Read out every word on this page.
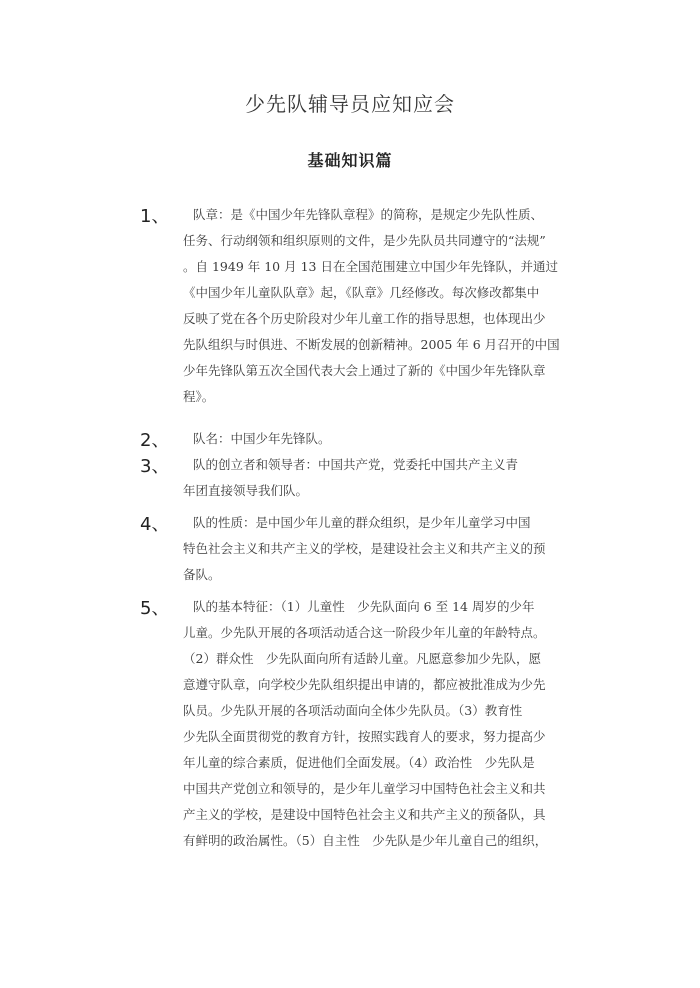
少先队辅导员应知应会
基础知识篇
1、	队章：是《中国少年先锋队章程》的简称，是规定少先队性质、
任务、行动纲领和组织原则的文件，是少先队员共同遵守的“法规”
。自 1949 年 10 月 13 日在全国范围建立中国少年先锋队，并通过
《中国少年儿童队队章》起，《队章》几经修改。每次修改都集中
反映了党在各个历史阶段对少年儿童工作的指导思想，也体现出少
先队组织与时俱进、不断发展的创新精神。2005 年 6 月召开的中国
少年先锋队第五次全国代表大会上通过了新的《中国少年先锋队章
程》。
2、	队名：中国少年先锋队。
3、	队的创立者和领导者：中国共产党，党委托中国共产主义青
年团直接领导我们队。
4、	队的性质：是中国少年儿童的群众组织，是少年儿童学习中国
特色社会主义和共产主义的学校，是建设社会主义和共产主义的预
备队。
5、	队的基本特征：（1）儿童性　少先队面向 6 至 14 周岁的少年
儿童。少先队开展的各项活动适合这一阶段少年儿童的年龄特点。
（2）群众性　少先队面向所有适龄儿童。凡愿意参加少先队，愿
意遵守队章，向学校少先队组织提出申请的，都应被批准成为少先
队员。少先队开展的各项活动面向全体少先队员。（3）教育性
少先队全面贯彻党的教育方针，按照实践育人的要求，努力提高少
年儿童的综合素质，促进他们全面发展。（4）政治性　少先队是
中国共产党创立和领导的，是少年儿童学习中国特色社会主义和共
产主义的学校，是建设中国特色社会主义和共产主义的预备队，具
有鲜明的政治属性。（5）自主性　少先队是少年儿童自己的组织，
